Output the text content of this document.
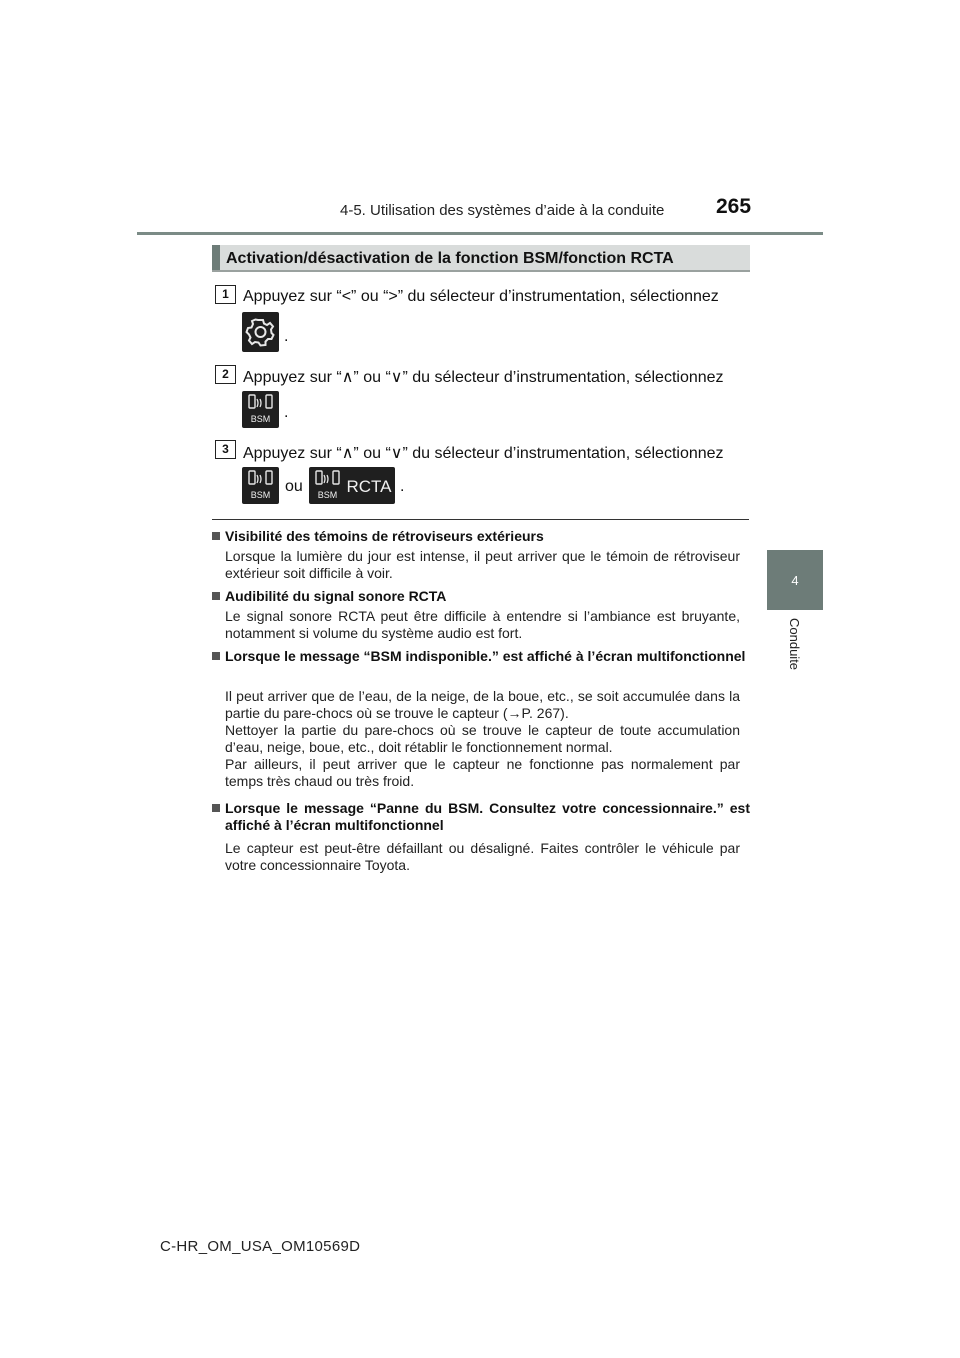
4-5. Utilisation des systèmes d’aide à la conduite 265
4
Conduite
Activation/désactivation de la fonction BSM/fonction RCTA
1 Appuyez sur “<” ou “>” du sélecteur d’instrumentation, sélectionnez
.
2 Appuyez sur “∧” ou “∨” du sélecteur d’instrumentation, sélectionnez
BSM .
3 Appuyez sur “∧” ou “∨” du sélecteur d’instrumentation, sélectionnez
BSM ou BSM RCTA .
Visibilité des témoins de rétroviseurs extérieurs
Lorsque la lumière du jour est intense, il peut arriver que le témoin de rétroviseur extérieur soit difficile à voir.
Audibilité du signal sonore RCTA
Le signal sonore RCTA peut être difficile à entendre si l’ambiance est bruyante, notamment si volume du système audio est fort.
Lorsque le message “BSM indisponible.” est affiché à l’écran multifonctionnel

Il peut arriver que de l’eau, de la neige, de la boue, etc., se soit accumulée dans la partie du pare-chocs où se trouve le capteur (→P. 267).

Nettoyer la partie du pare-chocs où se trouve le capteur de toute accumulation d’eau, neige, boue, etc., doit rétablir le fonctionnement normal.

Par ailleurs, il peut arriver que le capteur ne fonctionne pas normalement par temps très chaud ou très froid.

Lorsque le message “Panne du BSM. Consultez votre concessionnaire.” est affiché à l’écran multifonctionnel
Le capteur est peut-être défaillant ou désaligné. Faites contrôler le véhicule par votre concessionnaire Toyota.
C-HR_OM_USA_OM10569D
